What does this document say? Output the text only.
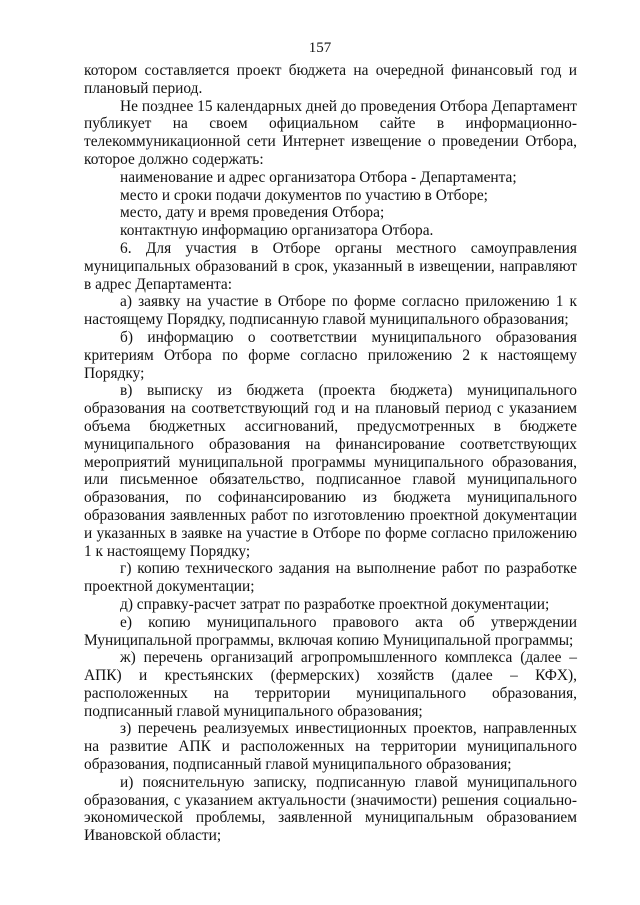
157

котором составляется проект бюджета на очередной финансовый год и плановый период.

Не позднее 15 календарных дней до проведения Отбора Департамент публикует на своем официальном сайте в информационно-телекоммуникационной сети Интернет извещение о проведении Отбора, которое должно содержать:

наименование и адрес организатора Отбора - Департамента;

место и сроки подачи документов по участию в Отборе;

место, дату и время проведения Отбора;

контактную информацию организатора Отбора.

6. Для участия в Отборе органы местного самоуправления муниципальных образований в срок, указанный в извещении, направляют в адрес Департамента:

а) заявку на участие в Отборе по форме согласно приложению 1 к настоящему Порядку, подписанную главой муниципального образования;

б) информацию о соответствии муниципального образования критериям Отбора по форме согласно приложению 2 к настоящему Порядку;

в) выписку из бюджета (проекта бюджета) муниципального образования на соответствующий год и на плановый период с указанием объема бюджетных ассигнований, предусмотренных в бюджете муниципального образования на финансирование соответствующих мероприятий муниципальной программы муниципального образования, или письменное обязательство, подписанное главой муниципального образования, по софинансированию из бюджета муниципального образования заявленных работ по изготовлению проектной документации и указанных в заявке на участие в Отборе по форме согласно приложению 1 к настоящему Порядку;

г) копию технического задания на выполнение работ по разработке проектной документации;

д) справку-расчет затрат по разработке проектной документации;

е) копию муниципального правового акта об утверждении Муниципальной программы, включая копию Муниципальной программы;

ж) перечень организаций агропромышленного комплекса (далее – АПК) и крестьянских (фермерских) хозяйств (далее – КФХ), расположенных на территории муниципального образования, подписанный главой муниципального образования;

з) перечень реализуемых инвестиционных проектов, направленных на развитие АПК и расположенных на территории муниципального образования, подписанный главой муниципального образования;

и) пояснительную записку, подписанную главой муниципального образования, с указанием актуальности (значимости) решения социально-экономической проблемы, заявленной муниципальным образованием Ивановской области;
